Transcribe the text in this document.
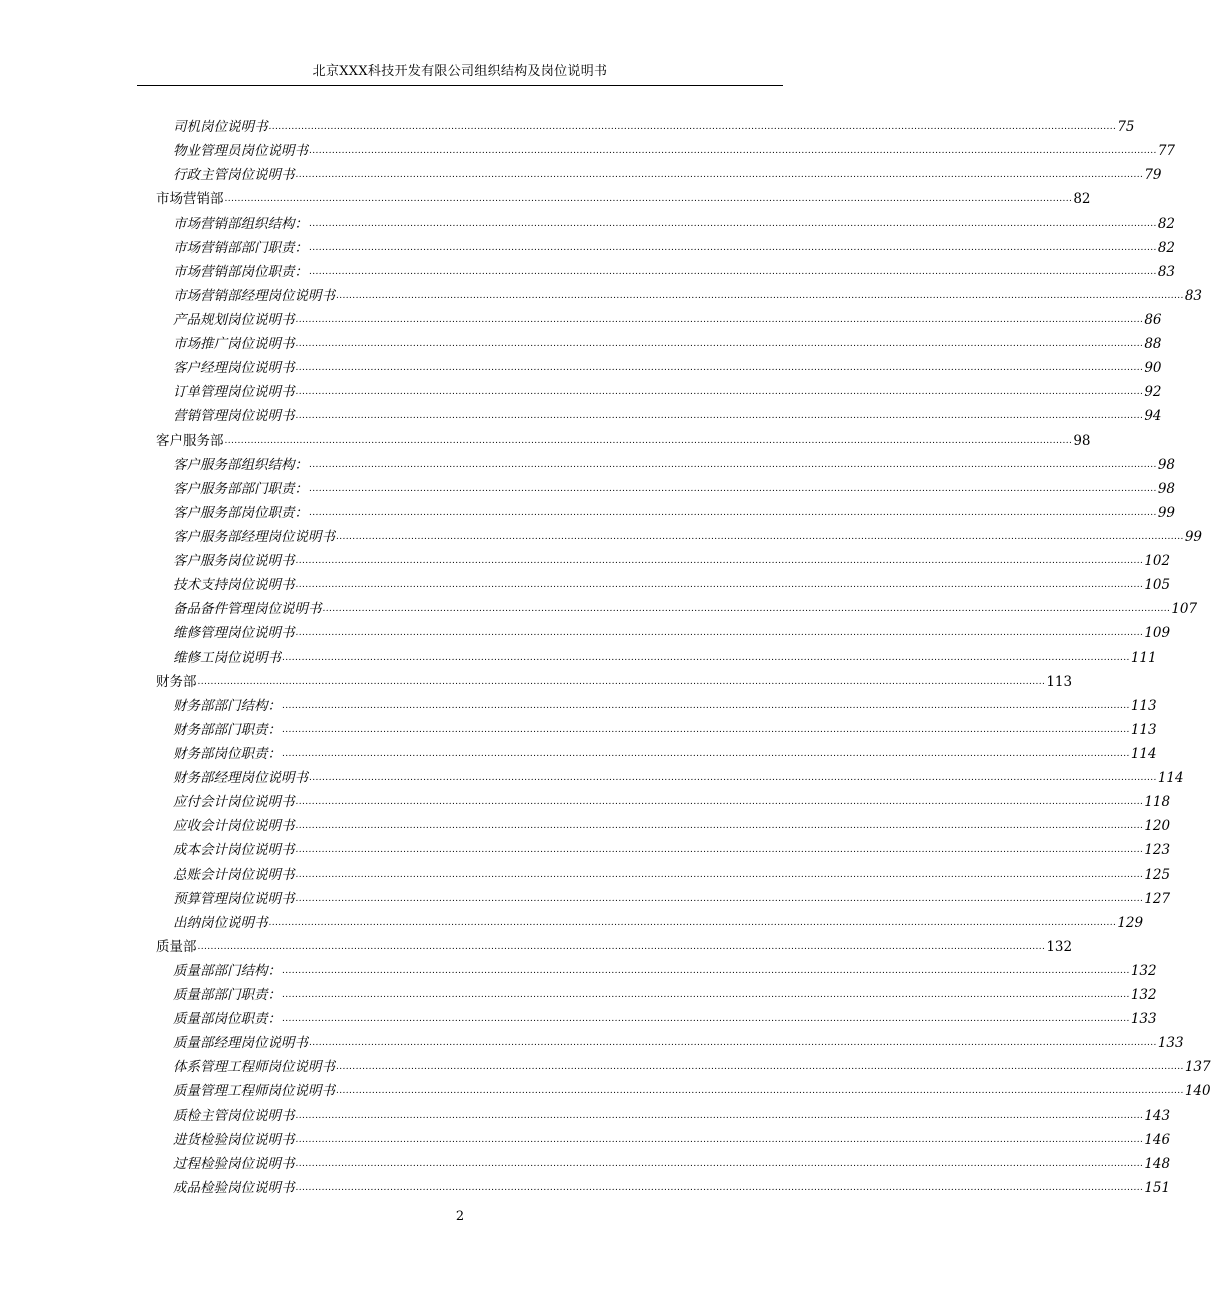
北京XXX科技开发有限公司组织结构及岗位说明书
司机岗位说明书 .................................................................................................................................................................................................................................................................... 75
物业管理员岗位说明书 .................................................................................................................................................................................................................................................................... 77
行政主管岗位说明书 .................................................................................................................................................................................................................................................................... 79
市场营销部 .................................................................................................................................................................................................................................................................... 82
市场营销部组织结构： .................................................................................................................................................................................................................................................................... 82
市场营销部部门职责： .................................................................................................................................................................................................................................................................... 82
市场营销部岗位职责： .................................................................................................................................................................................................................................................................... 83
市场营销部经理岗位说明书 .................................................................................................................................................................................................................................................................... 83
产品规划岗位说明书 .................................................................................................................................................................................................................................................................... 86
市场推广岗位说明书 .................................................................................................................................................................................................................................................................... 88
客户经理岗位说明书 .................................................................................................................................................................................................................................................................... 90
订单管理岗位说明书 .................................................................................................................................................................................................................................................................... 92
营销管理岗位说明书 .................................................................................................................................................................................................................................................................... 94
客户服务部 .................................................................................................................................................................................................................................................................... 98
客户服务部组织结构： .................................................................................................................................................................................................................................................................... 98
客户服务部部门职责： .................................................................................................................................................................................................................................................................... 98
客户服务部岗位职责： .................................................................................................................................................................................................................................................................... 99
客户服务部经理岗位说明书 .................................................................................................................................................................................................................................................................... 99
客户服务岗位说明书 .................................................................................................................................................................................................................................................................... 102
技术支持岗位说明书 .................................................................................................................................................................................................................................................................... 105
备品备件管理岗位说明书 .................................................................................................................................................................................................................................................................... 107
维修管理岗位说明书 .................................................................................................................................................................................................................................................................... 109
维修工岗位说明书 .................................................................................................................................................................................................................................................................... 111
财务部 .................................................................................................................................................................................................................................................................... 113
财务部部门结构： .................................................................................................................................................................................................................................................................... 113
财务部部门职责： .................................................................................................................................................................................................................................................................... 113
财务部岗位职责： .................................................................................................................................................................................................................................................................... 114
财务部经理岗位说明书 .................................................................................................................................................................................................................................................................... 114
应付会计岗位说明书 .................................................................................................................................................................................................................................................................... 118
应收会计岗位说明书 .................................................................................................................................................................................................................................................................... 120
成本会计岗位说明书 .................................................................................................................................................................................................................................................................... 123
总账会计岗位说明书 .................................................................................................................................................................................................................................................................... 125
预算管理岗位说明书 .................................................................................................................................................................................................................................................................... 127
出纳岗位说明书 .................................................................................................................................................................................................................................................................... 129
质量部 .................................................................................................................................................................................................................................................................... 132
质量部部门结构： .................................................................................................................................................................................................................................................................... 132
质量部部门职责： .................................................................................................................................................................................................................................................................... 132
质量部岗位职责： .................................................................................................................................................................................................................................................................... 133
质量部经理岗位说明书 .................................................................................................................................................................................................................................................................... 133
体系管理工程师岗位说明书 .................................................................................................................................................................................................................................................................... 137
质量管理工程师岗位说明书 .................................................................................................................................................................................................................................................................... 140
质检主管岗位说明书 .................................................................................................................................................................................................................................................................... 143
进货检验岗位说明书 .................................................................................................................................................................................................................................................................... 146
过程检验岗位说明书 .................................................................................................................................................................................................................................................................... 148
成品检验岗位说明书 .................................................................................................................................................................................................................................................................... 151
2
